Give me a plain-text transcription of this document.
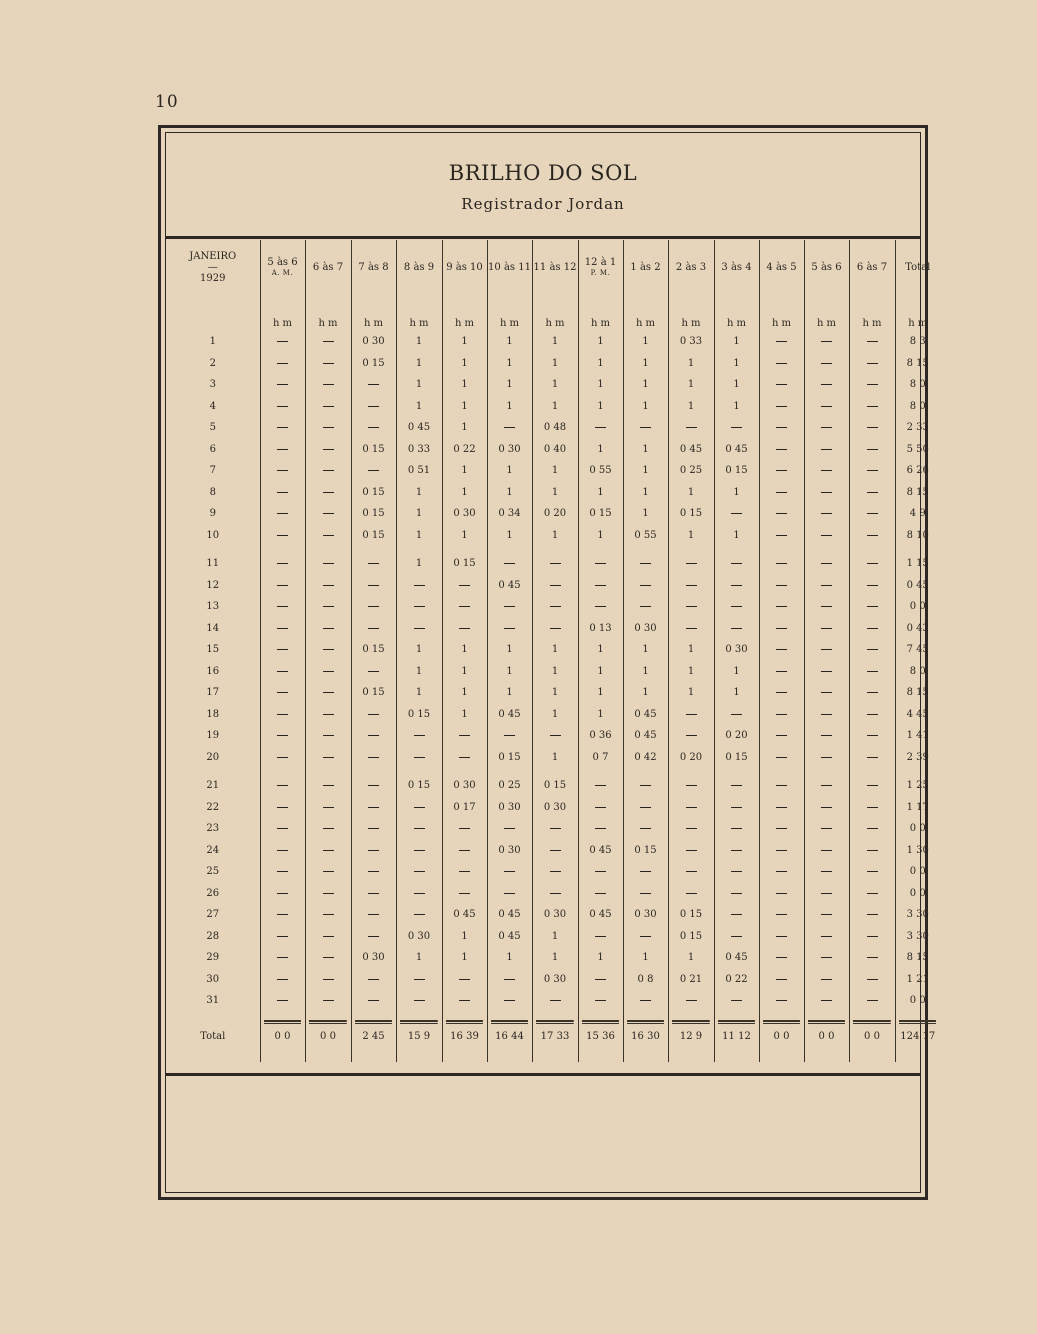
10
BRILHO DO SOL
Registrador Jordan
JANEIRO
—
1929	5 às 6
A. M.	6 às 7	7 às 8	8 às 9	9 às 10	10 às 11	11 às 12	12 à 1
P. M.	1 às 2	2 às 3	3 às 4	4 às 5	5 às 6	6 às 7	Total
	h m	h m	h m	h m	h m	h m	h m	h m	h m	h m	h m	h m	h m	h m	h m
1			0 30	1	1	1	1	1	1	0 33	1				8 3
2			0 15	1	1	1	1	1	1	1	1				8 15
3				1	1	1	1	1	1	1	1				8 0
4				1	1	1	1	1	1	1	1				8 0
5				0 45	1		0 48								2 33
6			0 15	0 33	0 22	0 30	0 40	1	1	0 45	0 45				5 50
7				0 51	1	1	1	0 55	1	0 25	0 15				6 26
8			0 15	1	1	1	1	1	1	1	1				8 15
9			0 15	1	0 30	0 34	0 20	0 15	1	0 15					4 9
10			0 15	1	1	1	1	1	0 55	1	1				8 10

11				1	0 15										1 15
12						0 45									0 45
13															0 0
14								0 13	0 30						0 43
15			0 15	1	1	1	1	1	1	1	0 30				7 45
16				1	1	1	1	1	1	1	1				8 0
17			0 15	1	1	1	1	1	1	1	1				8 15
18				0 15	1	0 45	1	1	0 45						4 45
19								0 36	0 45		0 20				1 41
20						0 15	1	0 7	0 42	0 20	0 15				2 39

21				0 15	0 30	0 25	0 15								1 25
22					0 17	0 30	0 30								1 17
23															0 0
24						0 30		0 45	0 15						1 30
25															0 0
26															0 0
27					0 45	0 45	0 30	0 45	0 30	0 15					3 30
28				0 30	1	0 45	1			0 15					3 30
29			0 30	1	1	1	1	1	1	1	0 45				8 15
30							0 30		0 8	0 21	0 22				1 21
31															0 0
Total	0 0	0 0	2 45	15 9	16 39	16 44	17 33	15 36	16 30	12 9	11 12	0 0	0 0	0 0	124 17
